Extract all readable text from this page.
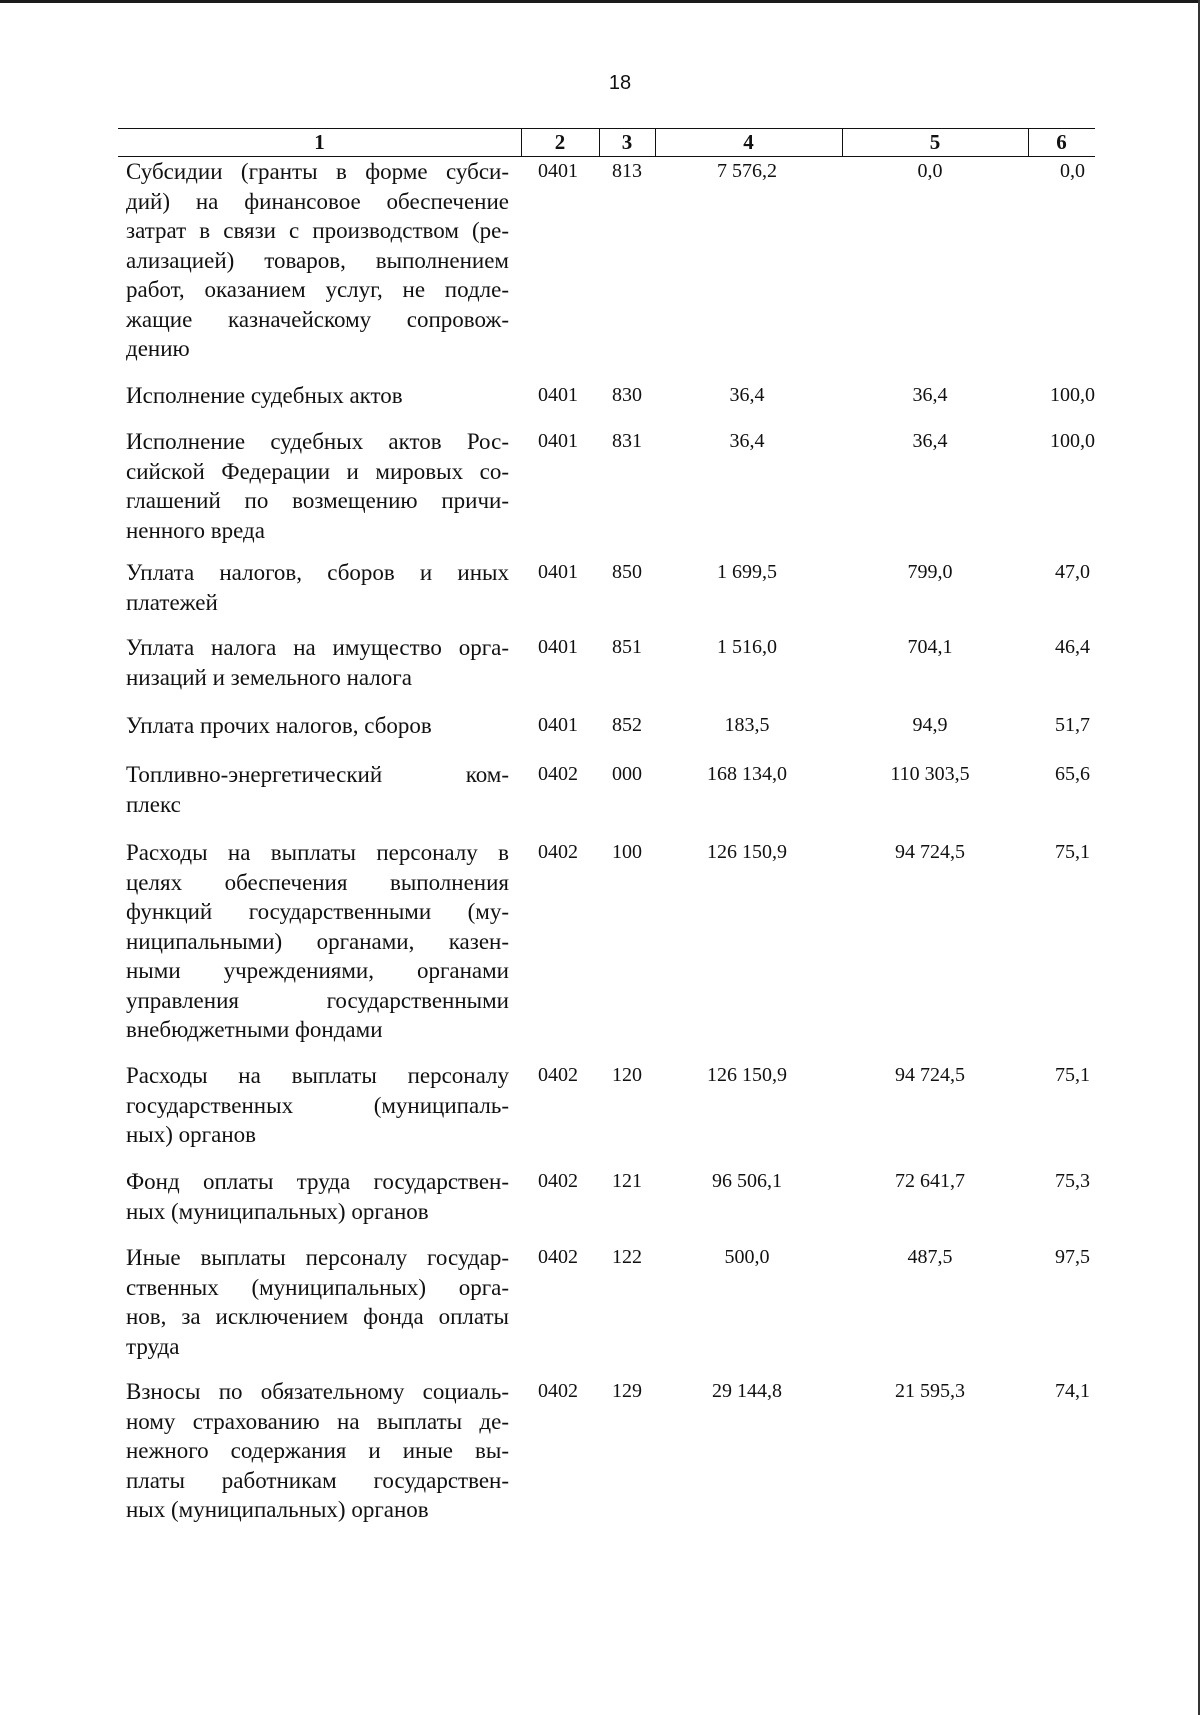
18
1	2	3	4	5	6
Субсидии (гранты в форме субси-
дий) на финансовое обеспечение
затрат в связи с производством (ре-
ализацией) товаров, выполнением
работ, оказанием услуг, не подле-
жащие казначейскому сопровож-
дению
0401 813	7 576,2	0,0	0,0
Исполнение судебных актов	0401 830	36,4	36,4	100,0
Исполнение судебных актов Рос-
сийской Федерации и мировых со-
глашений по возмещению причи-
ненного вреда
0401 831	36,4	36,4	100,0
Уплата налогов, сборов и иных
платежей
0401 850	1 699,5	799,0	47,0
Уплата налога на имущество орга-
низаций и земельного налога
0401 851	1 516,0	704,1	46,4
Уплата прочих налогов, сборов	0401 852	183,5	94,9	51,7
Топливно-энергетический ком-
плекс
0402 000	168 134,0	110 303,5	65,6
Расходы на выплаты персоналу в
целях обеспечения выполнения
функций государственными (му-
ниципальными) органами, казен-
ными учреждениями, органами
управления государственными
внебюджетными фондами
0402 100	126 150,9	94 724,5	75,1
Расходы на выплаты персоналу
государственных (муниципаль-
ных) органов
0402 120	126 150,9	94 724,5	75,1
Фонд оплаты труда государствен-
ных (муниципальных) органов
0402 121	96 506,1	72 641,7	75,3
Иные выплаты персоналу государ-
ственных (муниципальных) орга-
нов, за исключением фонда оплаты
труда
0402 122	500,0	487,5	97,5
Взносы по обязательному социаль-
ному страхованию на выплаты де-
нежного содержания и иные вы-
платы работникам государствен-
ных (муниципальных) органов
0402 129	29 144,8	21 595,3	74,1
